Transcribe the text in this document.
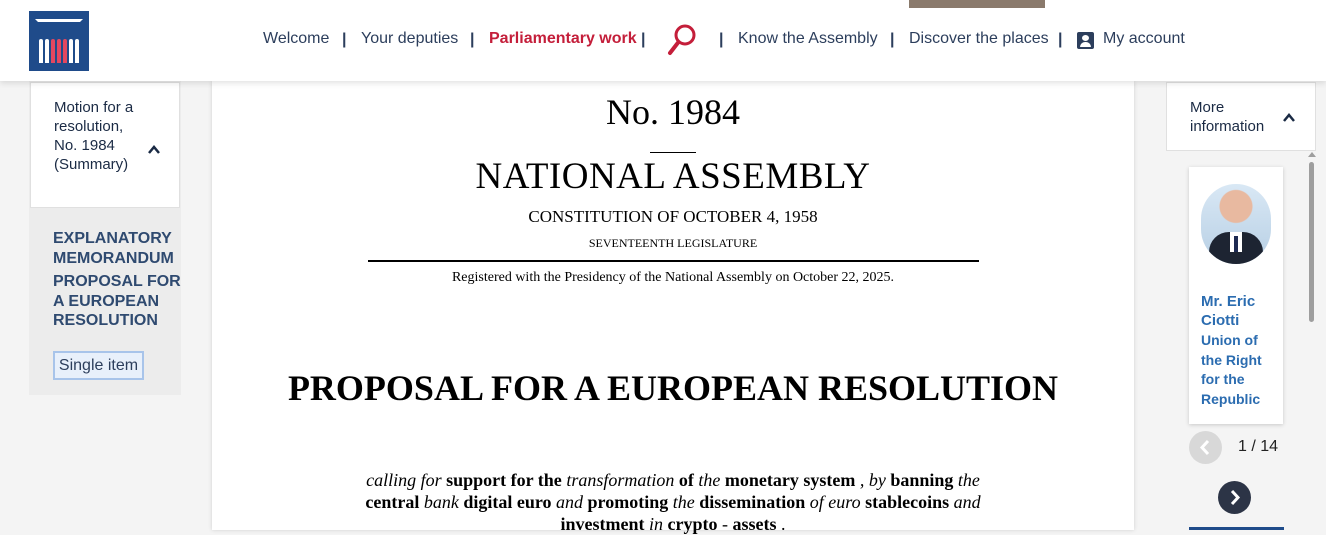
Welcome | Your deputies | Parliamentary work |	| Know the Assembly | Discover the places |	My account
Motion for a resolution, No. 1984 (Summary)
EXPLANATORY MEMORANDUM
PROPOSAL FOR A EUROPEAN RESOLUTION
Single item
No. 1984
NATIONAL ASSEMBLY
CONSTITUTION OF OCTOBER 4, 1958
SEVENTEENTH LEGISLATURE
Registered with the Presidency of the National Assembly on October 22, 2025.
PROPOSAL FOR A EUROPEAN RESOLUTION
calling for support for the transformation of the monetary system , by banning the central bank digital euro and promoting the dissemination of euro stablecoins and investment in crypto - assets .
More information
Mr. Eric Ciotti
Union of the Right for the Republic
1 / 14
